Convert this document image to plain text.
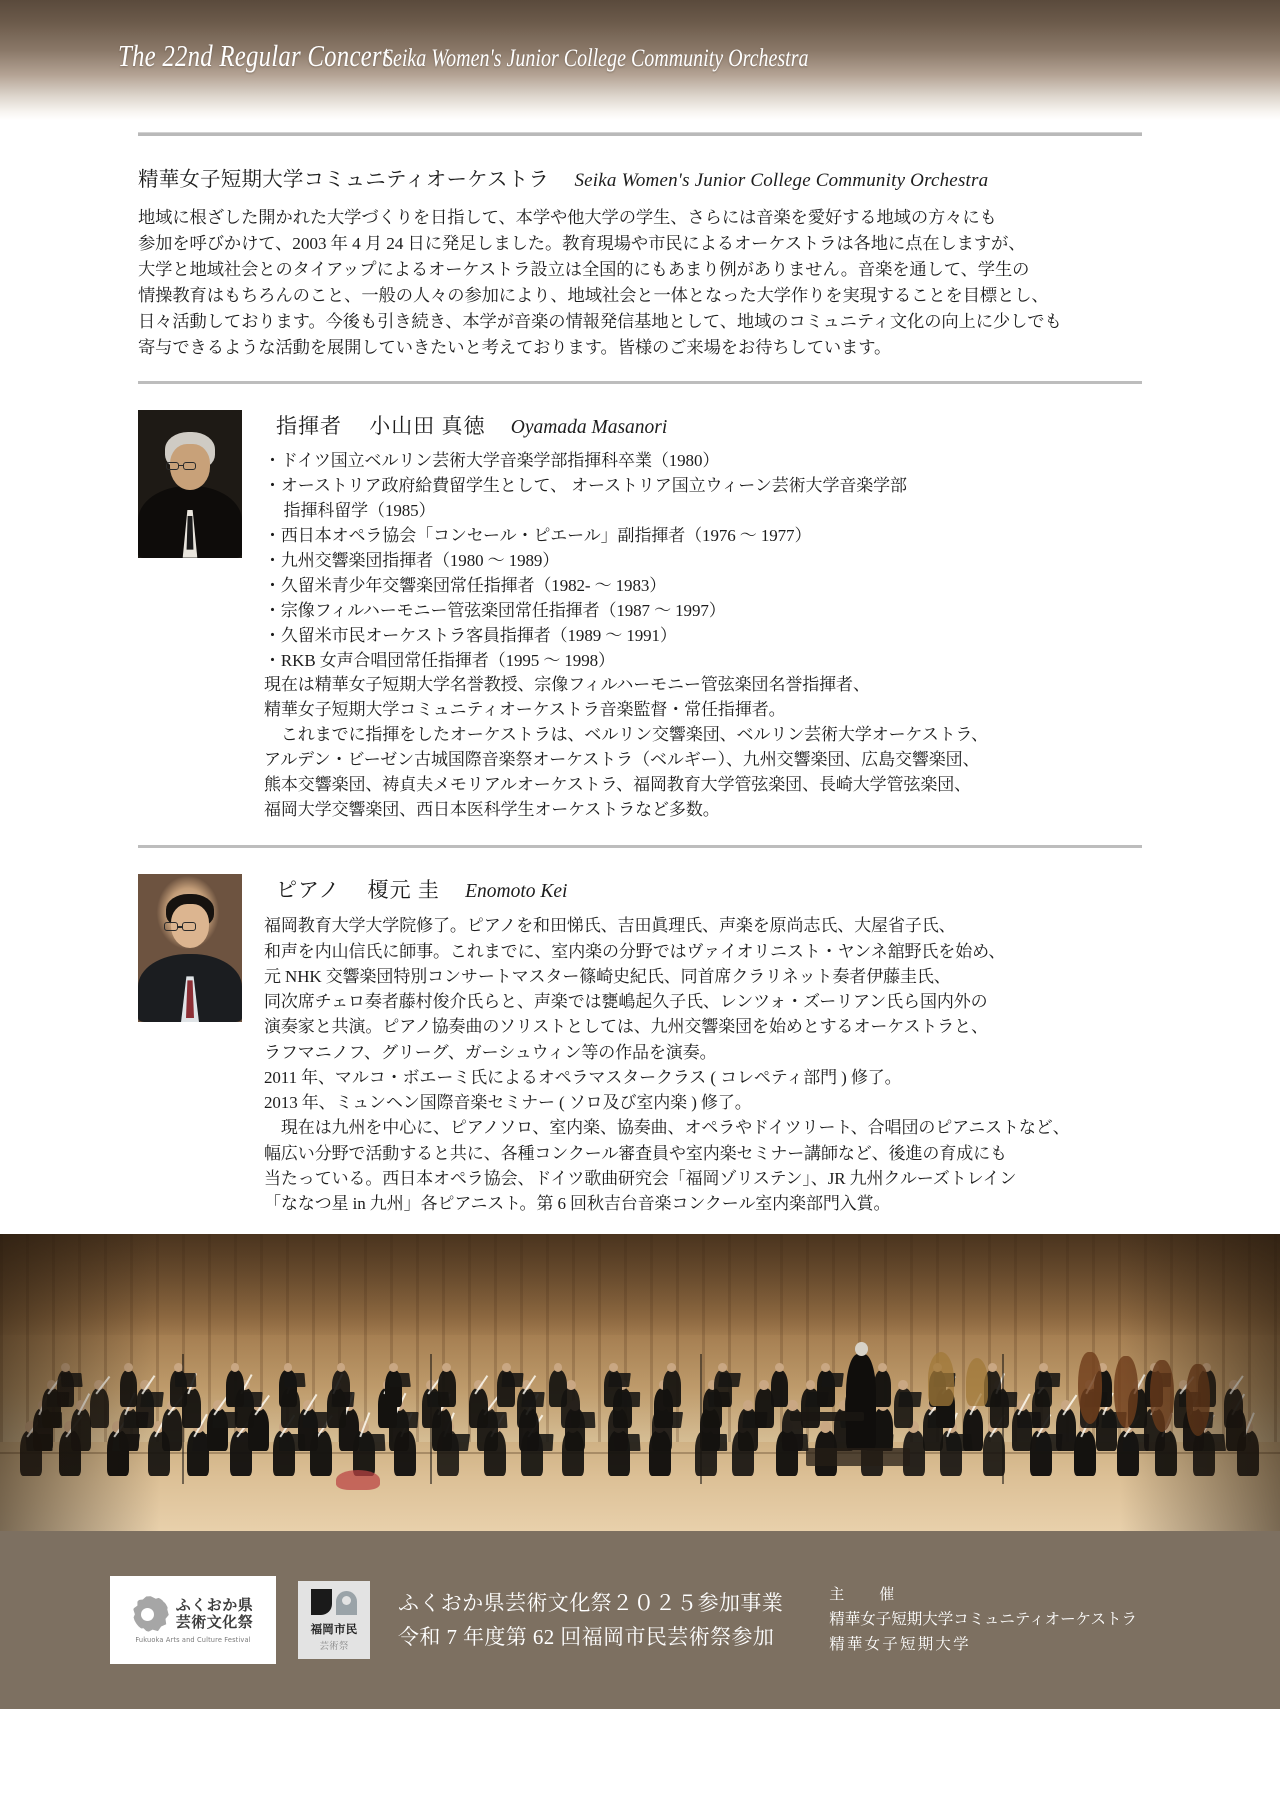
The 22nd Regular Concert Seika Women's Junior College Community Orchestra
精華女子短期大学コミュニティオーケストラ Seika Women's Junior College Community Orchestra
地域に根ざした開かれた大学づくりを日指して、本学や他大学の学生、さらには音楽を愛好する地域の方々にも
参加を呼びかけて、2003 年 4 月 24 日に発足しました。教育現場や市民によるオーケストラは各地に点在しますが、
大学と地域社会とのタイアップによるオーケストラ設立は全国的にもあまり例がありません。音楽を通して、学生の
情操教育はもちろんのこと、一般の人々の参加により、地域社会と一体となった大学作りを実現することを目標とし、
日々活動しております。今後も引き続き、本学が音楽の情報発信基地として、地域のコミュニティ文化の向上に少しでも
寄与できるような活動を展開していきたいと考えております。皆様のご来場をお待ちしています。
指揮者 小山田 真徳 Oyamada Masanori
・ドイツ国立ベルリン芸術大学音楽学部指揮科卒業（1980）
・オーストリア政府給費留学生として、 オーストリア国立ウィーン芸術大学音楽学部
指揮科留学（1985）
・西日本オペラ協会「コンセール・ピエール」副指揮者（1976 ～ 1977）
・九州交響楽団指揮者（1980 ～ 1989）
・久留米青少年交響楽団常任指揮者（1982- ～ 1983）
・宗像フィルハーモニー管弦楽団常任指揮者（1987 ～ 1997）
・久留米市民オーケストラ客員指揮者（1989 ～ 1991）
・RKB 女声合唱団常任指揮者（1995 ～ 1998）
現在は精華女子短期大学名誉教授、宗像フィルハーモニー管弦楽団名誉指揮者、
精華女子短期大学コミュニティオーケストラ音楽監督・常任指揮者。
　これまでに指揮をしたオーケストラは、ベルリン交響楽団、ベルリン芸術大学オーケストラ、
アルデン・ビーゼン古城国際音楽祭オーケストラ（ベルギー）、九州交響楽団、広島交響楽団、
熊本交響楽団、祷貞夫メモリアルオーケストラ、福岡教育大学管弦楽団、長崎大学管弦楽団、
福岡大学交響楽団、西日本医科学生オーケストラなど多数。
ピアノ 榎元 圭 Enomoto Kei
福岡教育大学大学院修了。ピアノを和田悌氏、吉田眞理氏、声楽を原尚志氏、大屋省子氏、
和声を内山信氏に師事。これまでに、室内楽の分野ではヴァイオリニスト・ヤンネ舘野氏を始め、
元 NHK 交響楽団特別コンサートマスター篠崎史紀氏、同首席クラリネット奏者伊藤圭氏、
同次席チェロ奏者藤村俊介氏らと、声楽では甕嶋起久子氏、レンツォ・ズーリアン氏ら国内外の
演奏家と共演。ピアノ協奏曲のソリストとしては、九州交響楽団を始めとするオーケストラと、
ラフマニノフ、グリーグ、ガーシュウィン等の作品を演奏。
2011 年、マルコ・ボエーミ氏によるオペラマスタークラス ( コレペティ部門 ) 修了。
2013 年、ミュンヘン国際音楽セミナー ( ソロ及び室内楽 ) 修了。
　現在は九州を中心に、ピアノソロ、室内楽、協奏曲、オペラやドイツリート、合唱団のピアニストなど、
幅広い分野で活動すると共に、各種コンクール審査員や室内楽セミナー講師など、後進の育成にも
当たっている。西日本オペラ協会、ドイツ歌曲研究会「福岡ゾリステン」、JR 九州クルーズトレイン
「ななつ星 in 九州」各ピアニスト。第 6 回秋吉台音楽コンクール室内楽部門入賞。
ふくおか県
芸術文化祭
Fukuoka Arts and Culture Festival
福岡市民
芸術祭
ふくおか県芸術文化祭２０２５参加事業
令和 7 年度第 62 回福岡市民芸術祭参加
主　催
精華女子短期大学コミュニティオーケストラ
精華女子短期大学
